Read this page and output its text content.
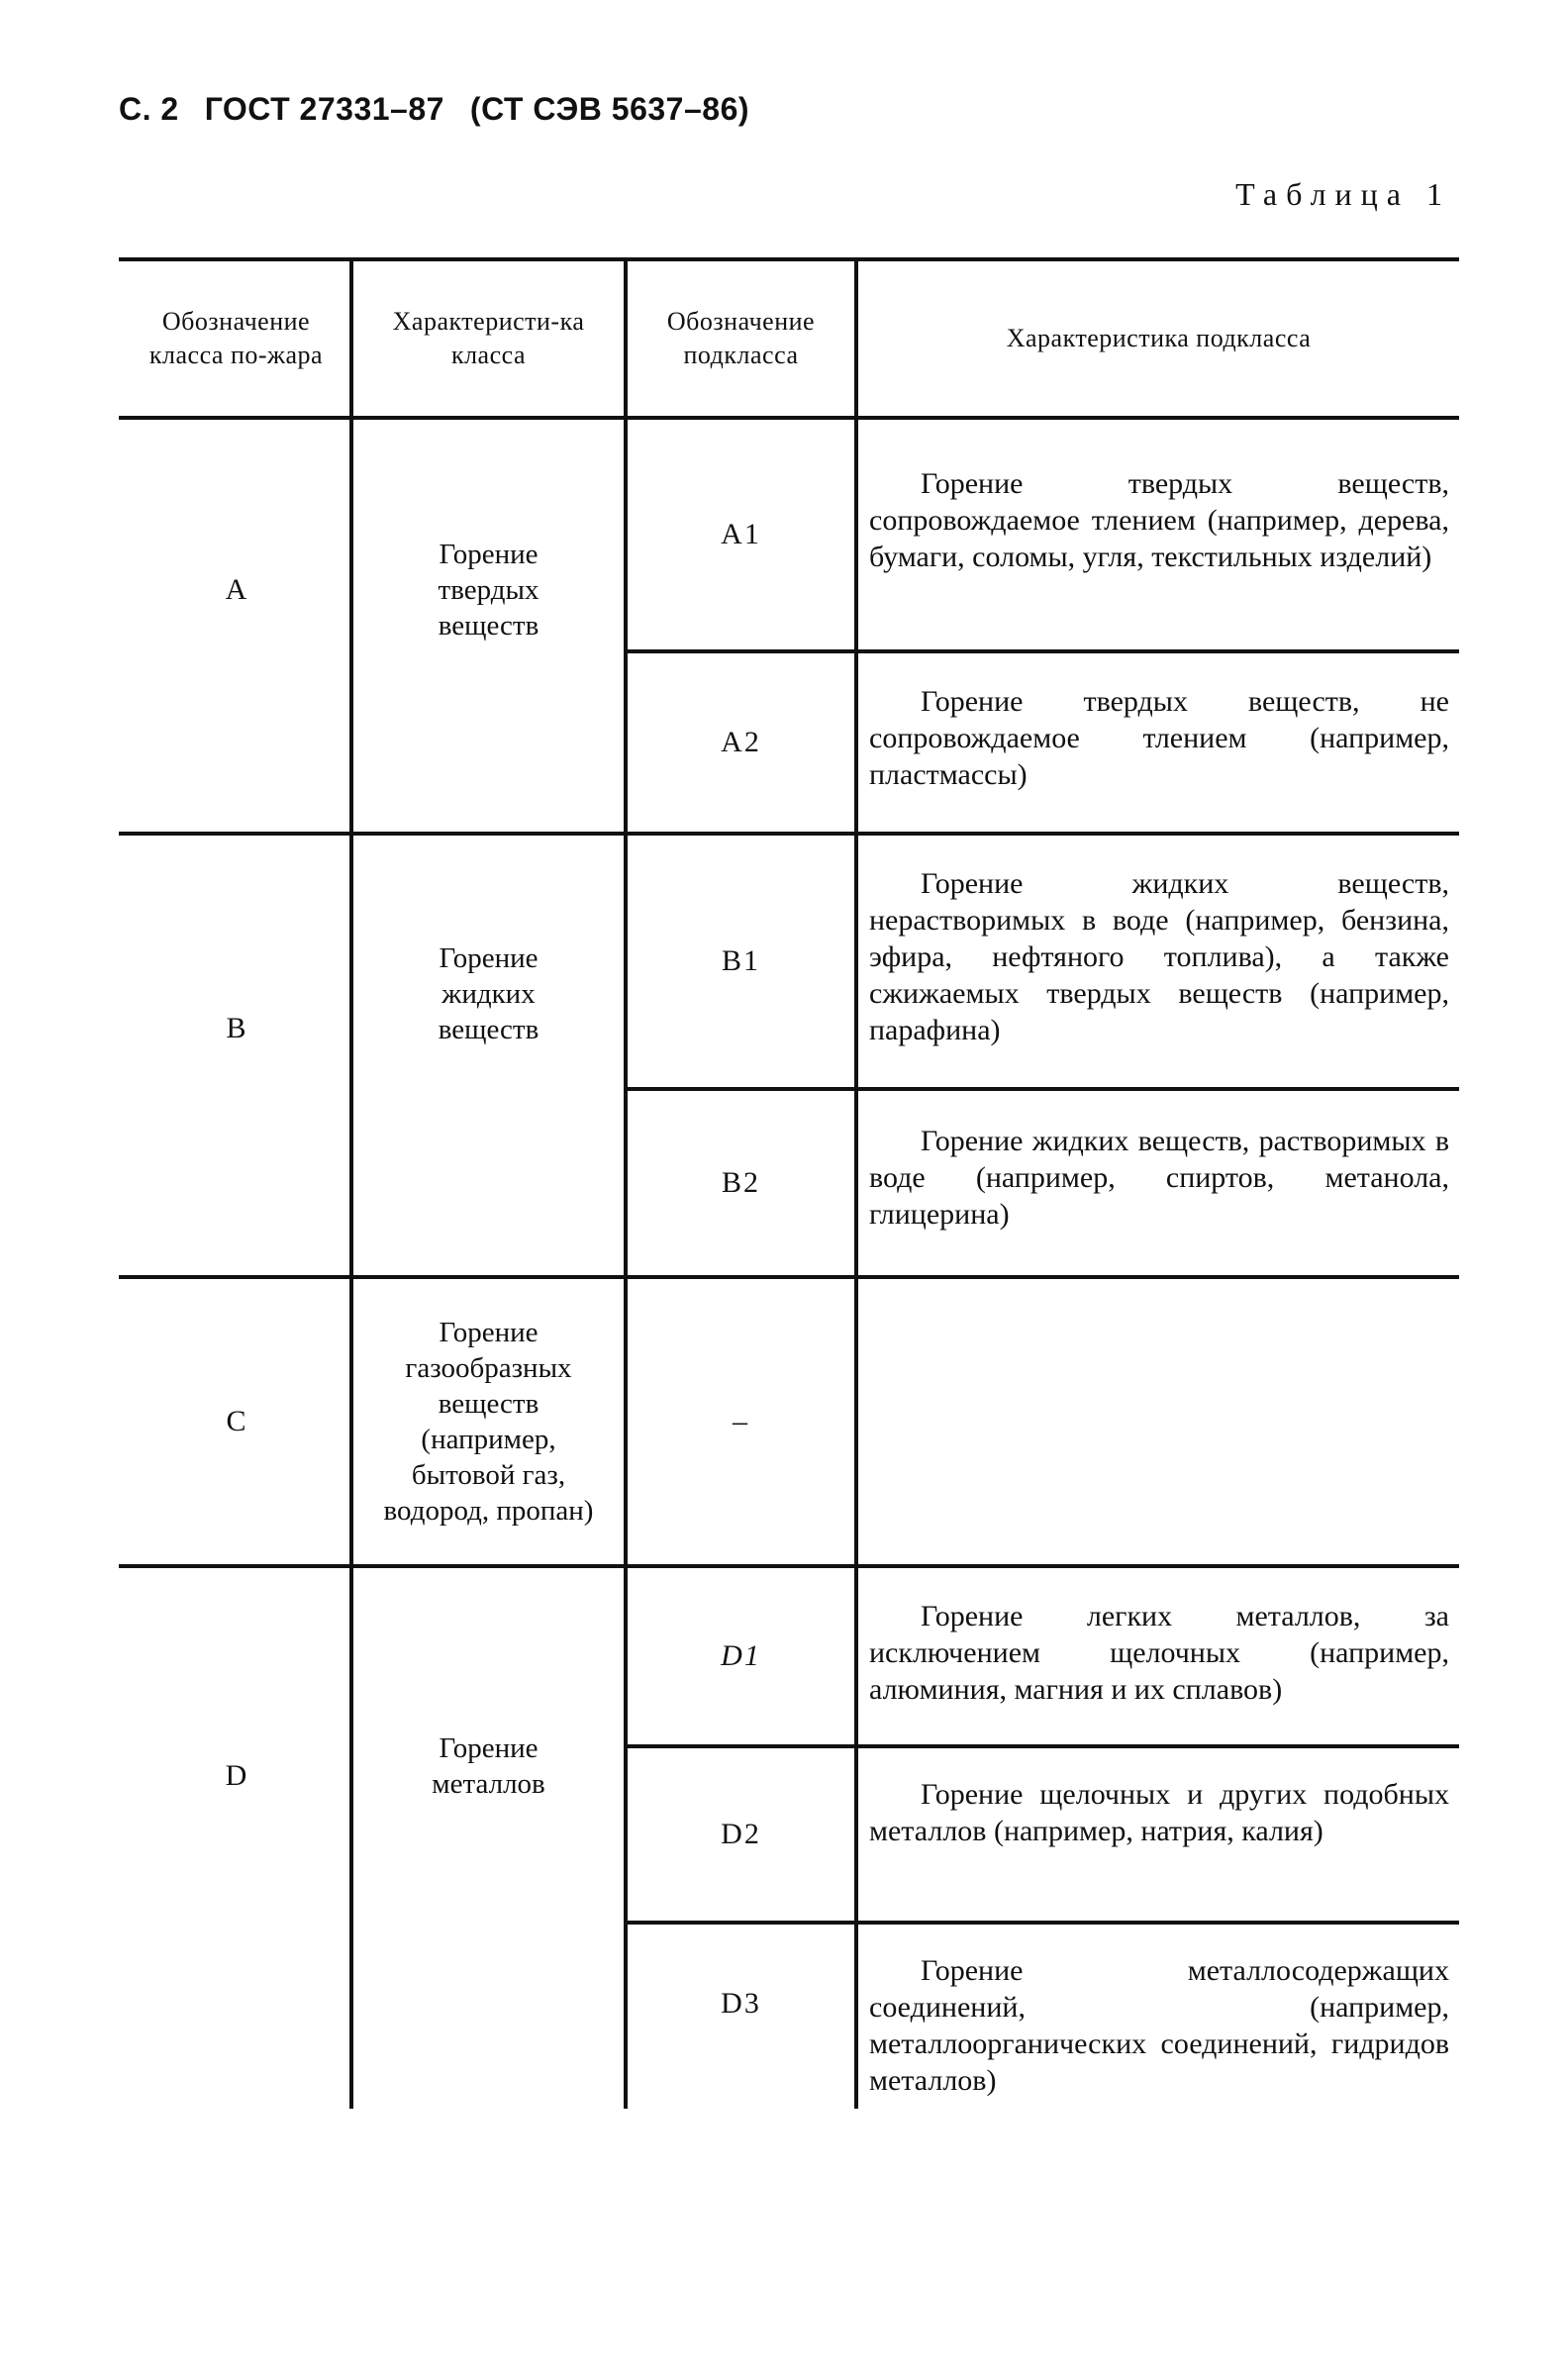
С. 2 ГОСТ 27331–87 (СТ СЭВ 5637–86)
Таблица 1
Обозначение класса по-жара
Характеристи-ка класса
Обозначение подкласса
Характеристика подкласса
A
Горение твердых веществ
A1
Горение твердых веществ, сопровождаемое тлением (например, дерева, бумаги, соломы, угля, текстильных изделий)
A2
Горение твердых веществ, не сопровождаемое тлением (например, пластмассы)
B
Горение жидких веществ
B1
Горение жидких веществ, нерастворимых в воде (например, бензина, эфира, нефтяного топлива), а также сжижаемых твердых веществ (например, парафина)
B2
Горение жидких веществ, растворимых в воде (например, спиртов, метанола, глицерина)
C
Горение газообразных веществ (например, бытовой газ, водород, пропан)
–
D
Горение металлов
D1
Горение легких металлов, за исключением щелочных (например, алюминия, магния и их сплавов)
D2
Горение щелочных и других подобных металлов (например, натрия, калия)
D3
Горение металлосодержащих соединений, (например, металлоорганических соединений, гидридов металлов)
